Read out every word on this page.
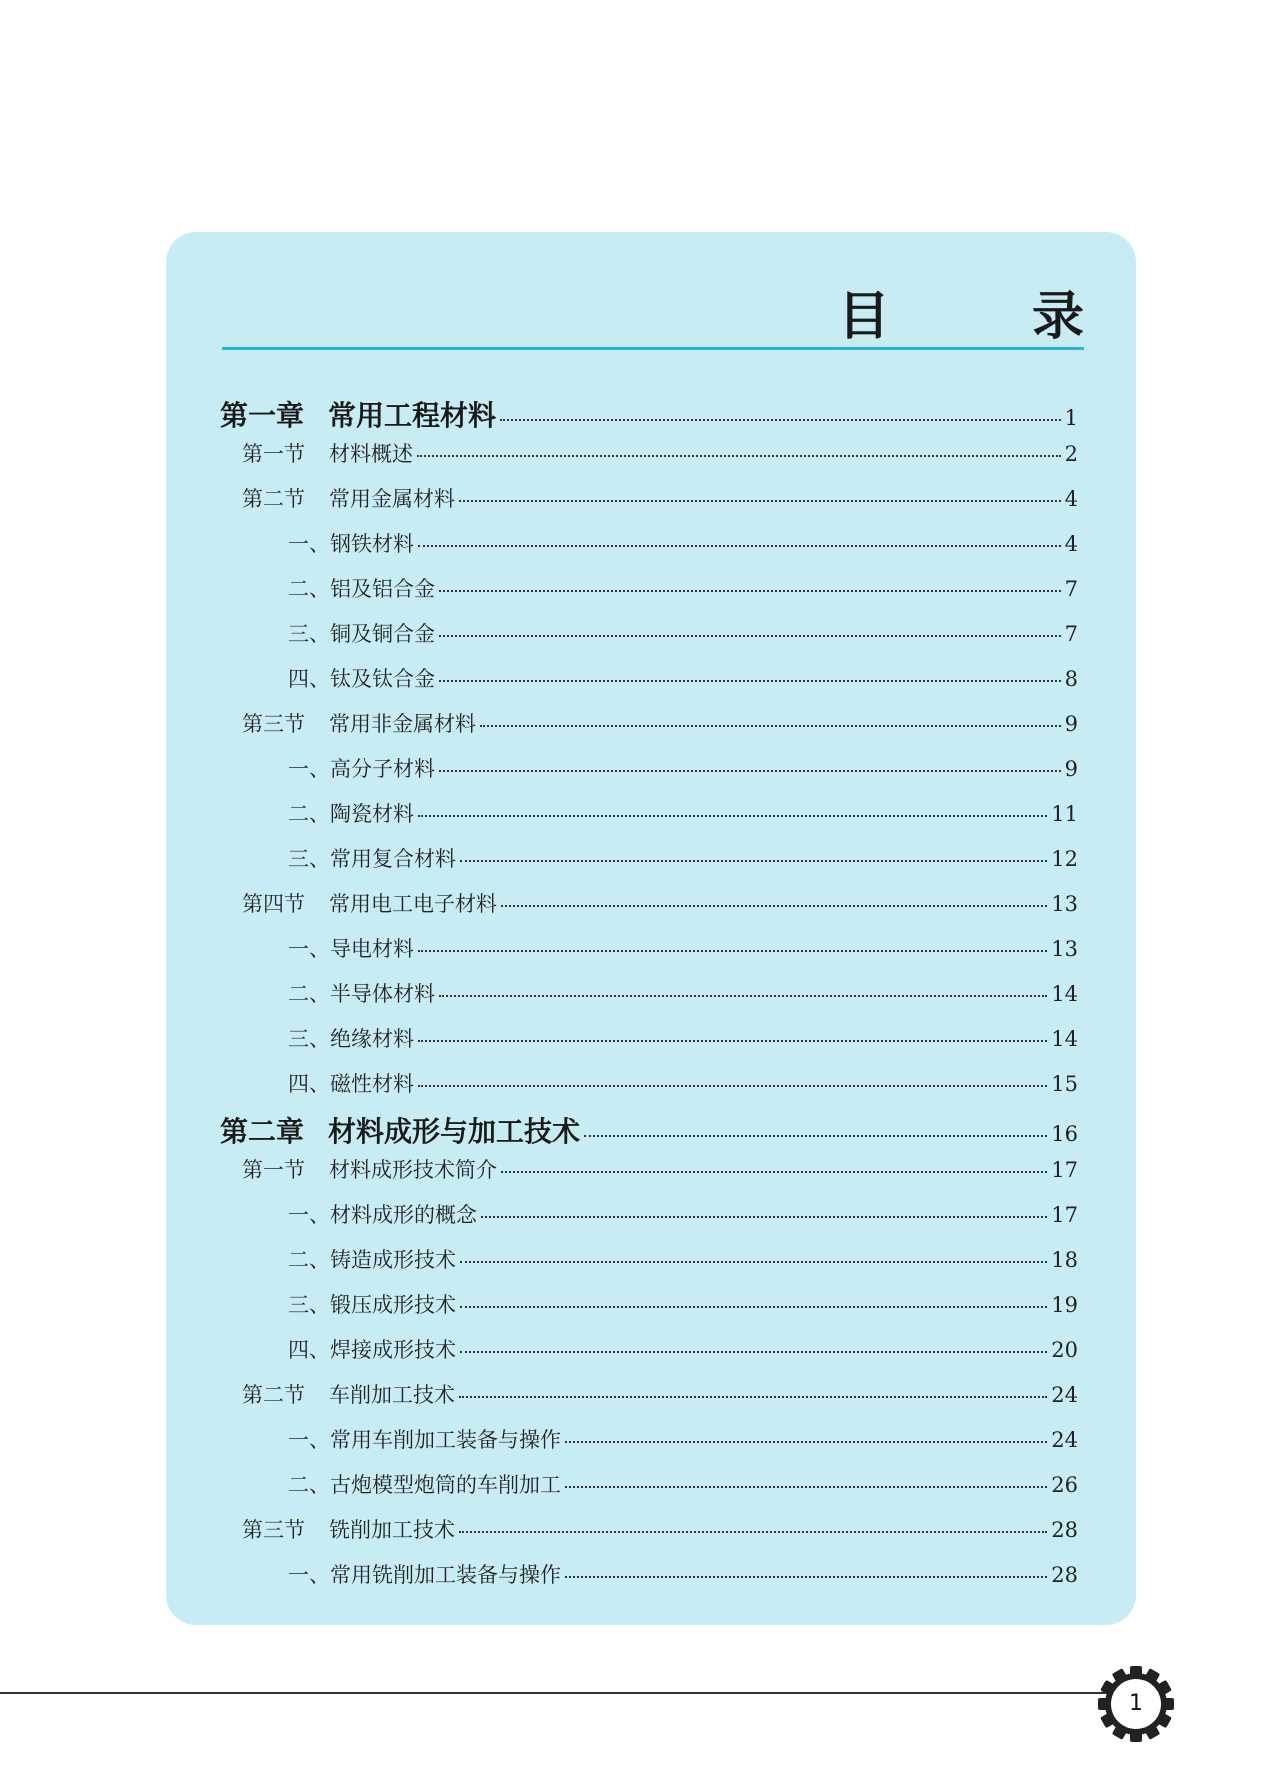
目 录
第一章 常用工程材料	1
第一节 材料概述	2
第二节 常用金属材料	4
一、钢铁材料	4
二、铝及铝合金	7
三、铜及铜合金	7
四、钛及钛合金	8
第三节 常用非金属材料	9
一、高分子材料	9
二、陶瓷材料	11
三、常用复合材料	12
第四节 常用电工电子材料	13
一、导电材料	13
二、半导体材料	14
三、绝缘材料	14
四、磁性材料	15
第二章 材料成形与加工技术	16
第一节 材料成形技术简介	17
一、材料成形的概念	17
二、铸造成形技术	18
三、锻压成形技术	19
四、焊接成形技术	20
第二节 车削加工技术	24
一、常用车削加工装备与操作	24
二、古炮模型炮筒的车削加工	26
第三节 铣削加工技术	28
一、常用铣削加工装备与操作	28
1
